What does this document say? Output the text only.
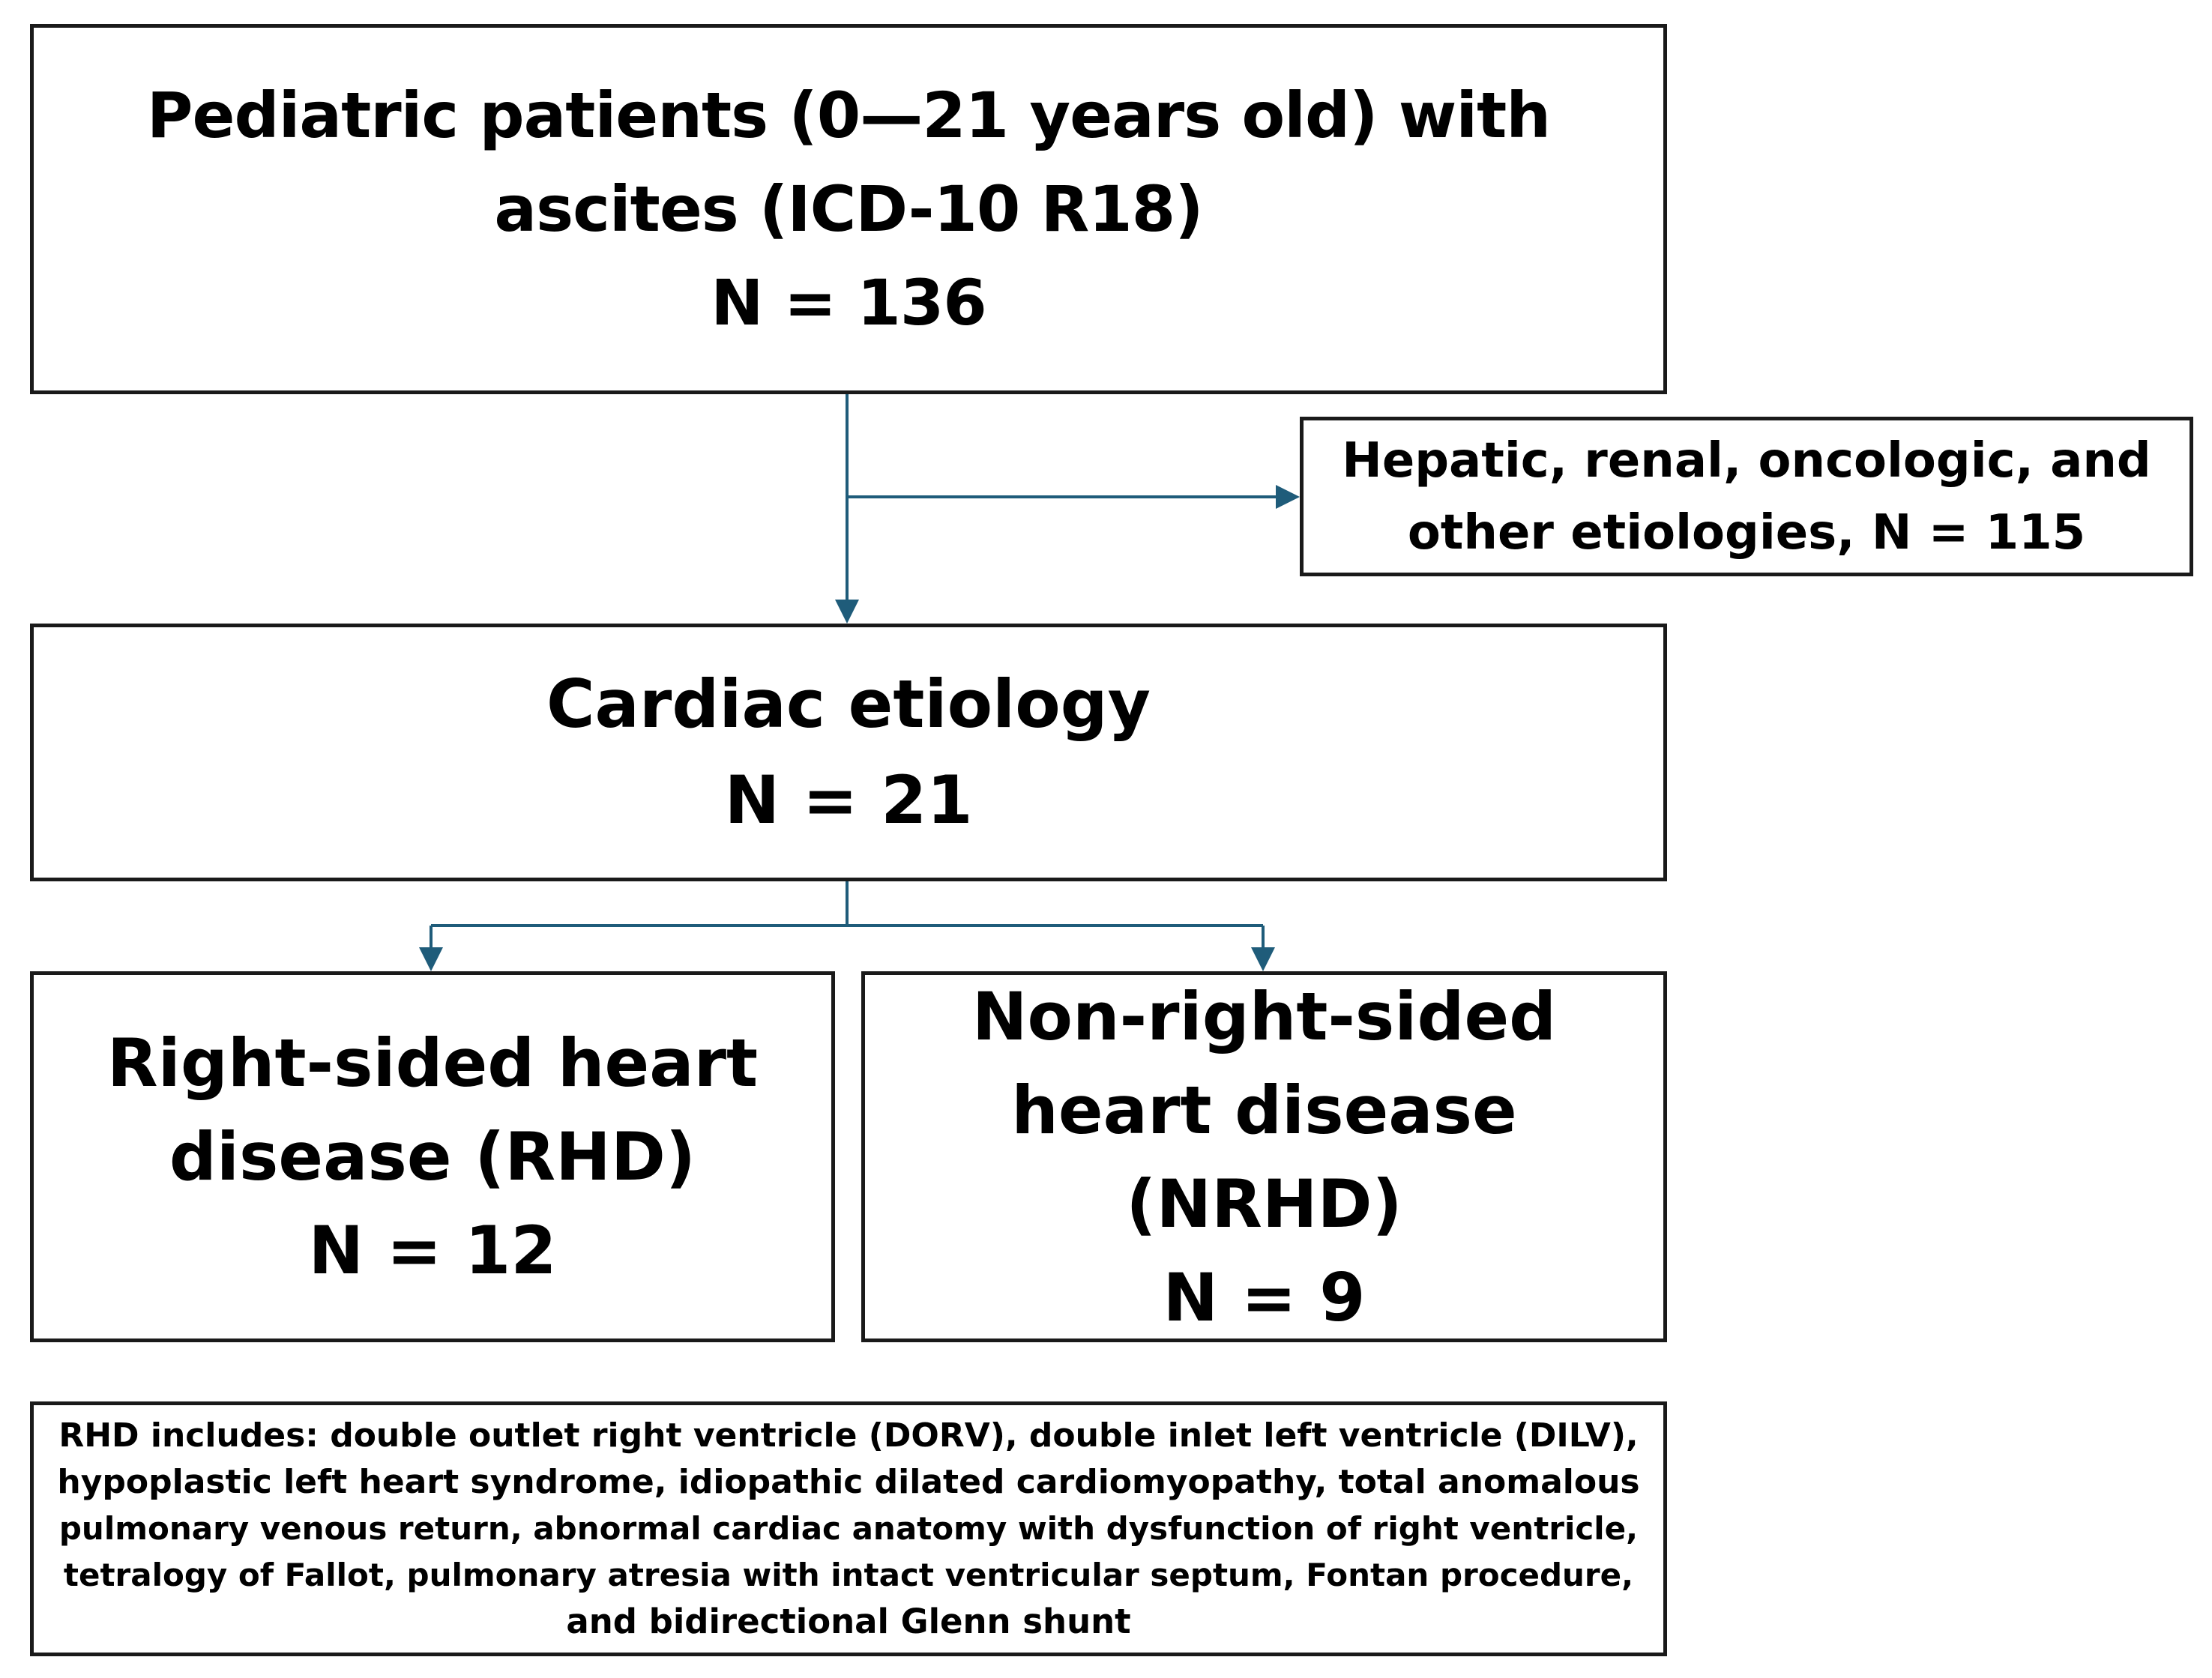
Pediatric patients (0—21 years old) with
ascites (ICD-10 R18)
N = 136
Hepatic, renal, oncologic, and
other etiologies, N = 115
Cardiac etiology
N = 21
Right-sided heart
disease (RHD)
N = 12
Non-right-sided
heart disease
(NRHD)
N = 9
RHD includes: double outlet right ventricle (DORV), double inlet left ventricle (DILV),
hypoplastic left heart syndrome, idiopathic dilated cardiomyopathy, total anomalous
pulmonary venous return, abnormal cardiac anatomy with dysfunction of right ventricle,
tetralogy of Fallot, pulmonary atresia with intact ventricular septum, Fontan procedure,
and bidirectional Glenn shunt
